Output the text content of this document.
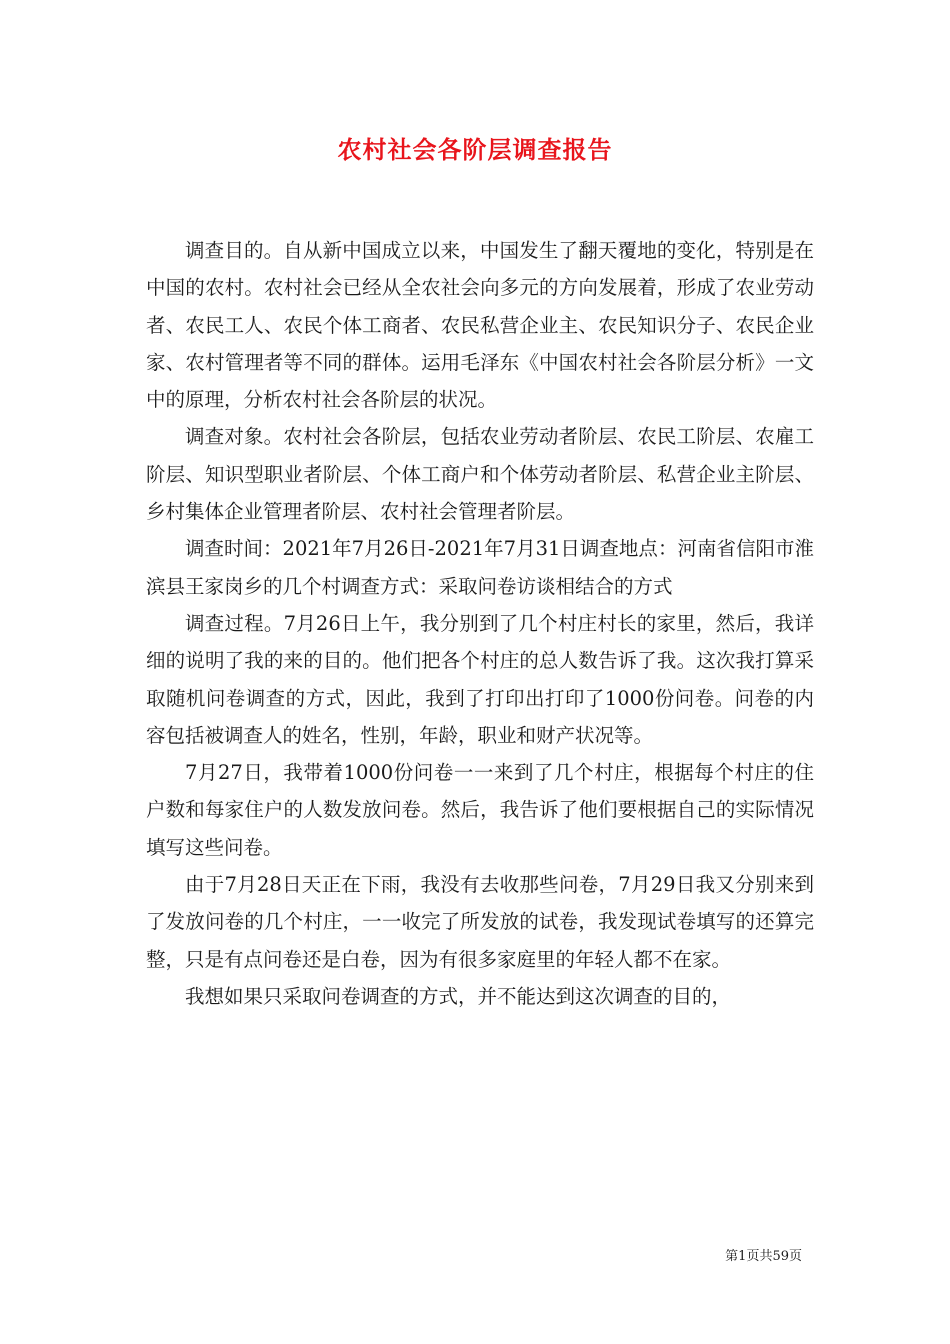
农村社会各阶层调查报告

调查目的。自从新中国成立以来，中国发生了翻天覆地的变化，特别是在中国的农村。农村社会已经从全农社会向多元的方向发展着，形成了农业劳动者、农民工人、农民个体工商者、农民私营企业主、农民知识分子、农民企业家、农村管理者等不同的群体。运用毛泽东《中国农村社会各阶层分析》一文中的原理，分析农村社会各阶层的状况。

调查对象。农村社会各阶层，包括农业劳动者阶层、农民工阶层、农雇工阶层、知识型职业者阶层、个体工商户和个体劳动者阶层、私营企业主阶层、乡村集体企业管理者阶层、农村社会管理者阶层。

调查时间：2021年7月26日-2021年7月31日调查地点：河南省信阳市淮滨县王家岗乡的几个村调查方式：采取问卷访谈相结合的方式

调查过程。7月26日上午，我分别到了几个村庄村长的家里，然后，我详细的说明了我的来的目的。他们把各个村庄的总人数告诉了我。这次我打算采取随机问卷调查的方式，因此，我到了打印出打印了1000份问卷。问卷的内容包括被调查人的姓名，性别，年龄，职业和财产状况等。

7月27日，我带着1000份问卷一一来到了几个村庄，根据每个村庄的住户数和每家住户的人数发放问卷。然后，我告诉了他们要根据自己的实际情况填写这些问卷。

由于7月28日天正在下雨，我没有去收那些问卷，7月29日我又分别来到了发放问卷的几个村庄，一一收完了所发放的试卷，我发现试卷填写的还算完整，只是有点问卷还是白卷，因为有很多家庭里的年轻人都不在家。

我想如果只采取问卷调查的方式，并不能达到这次调查的目的，

第1页共59页
